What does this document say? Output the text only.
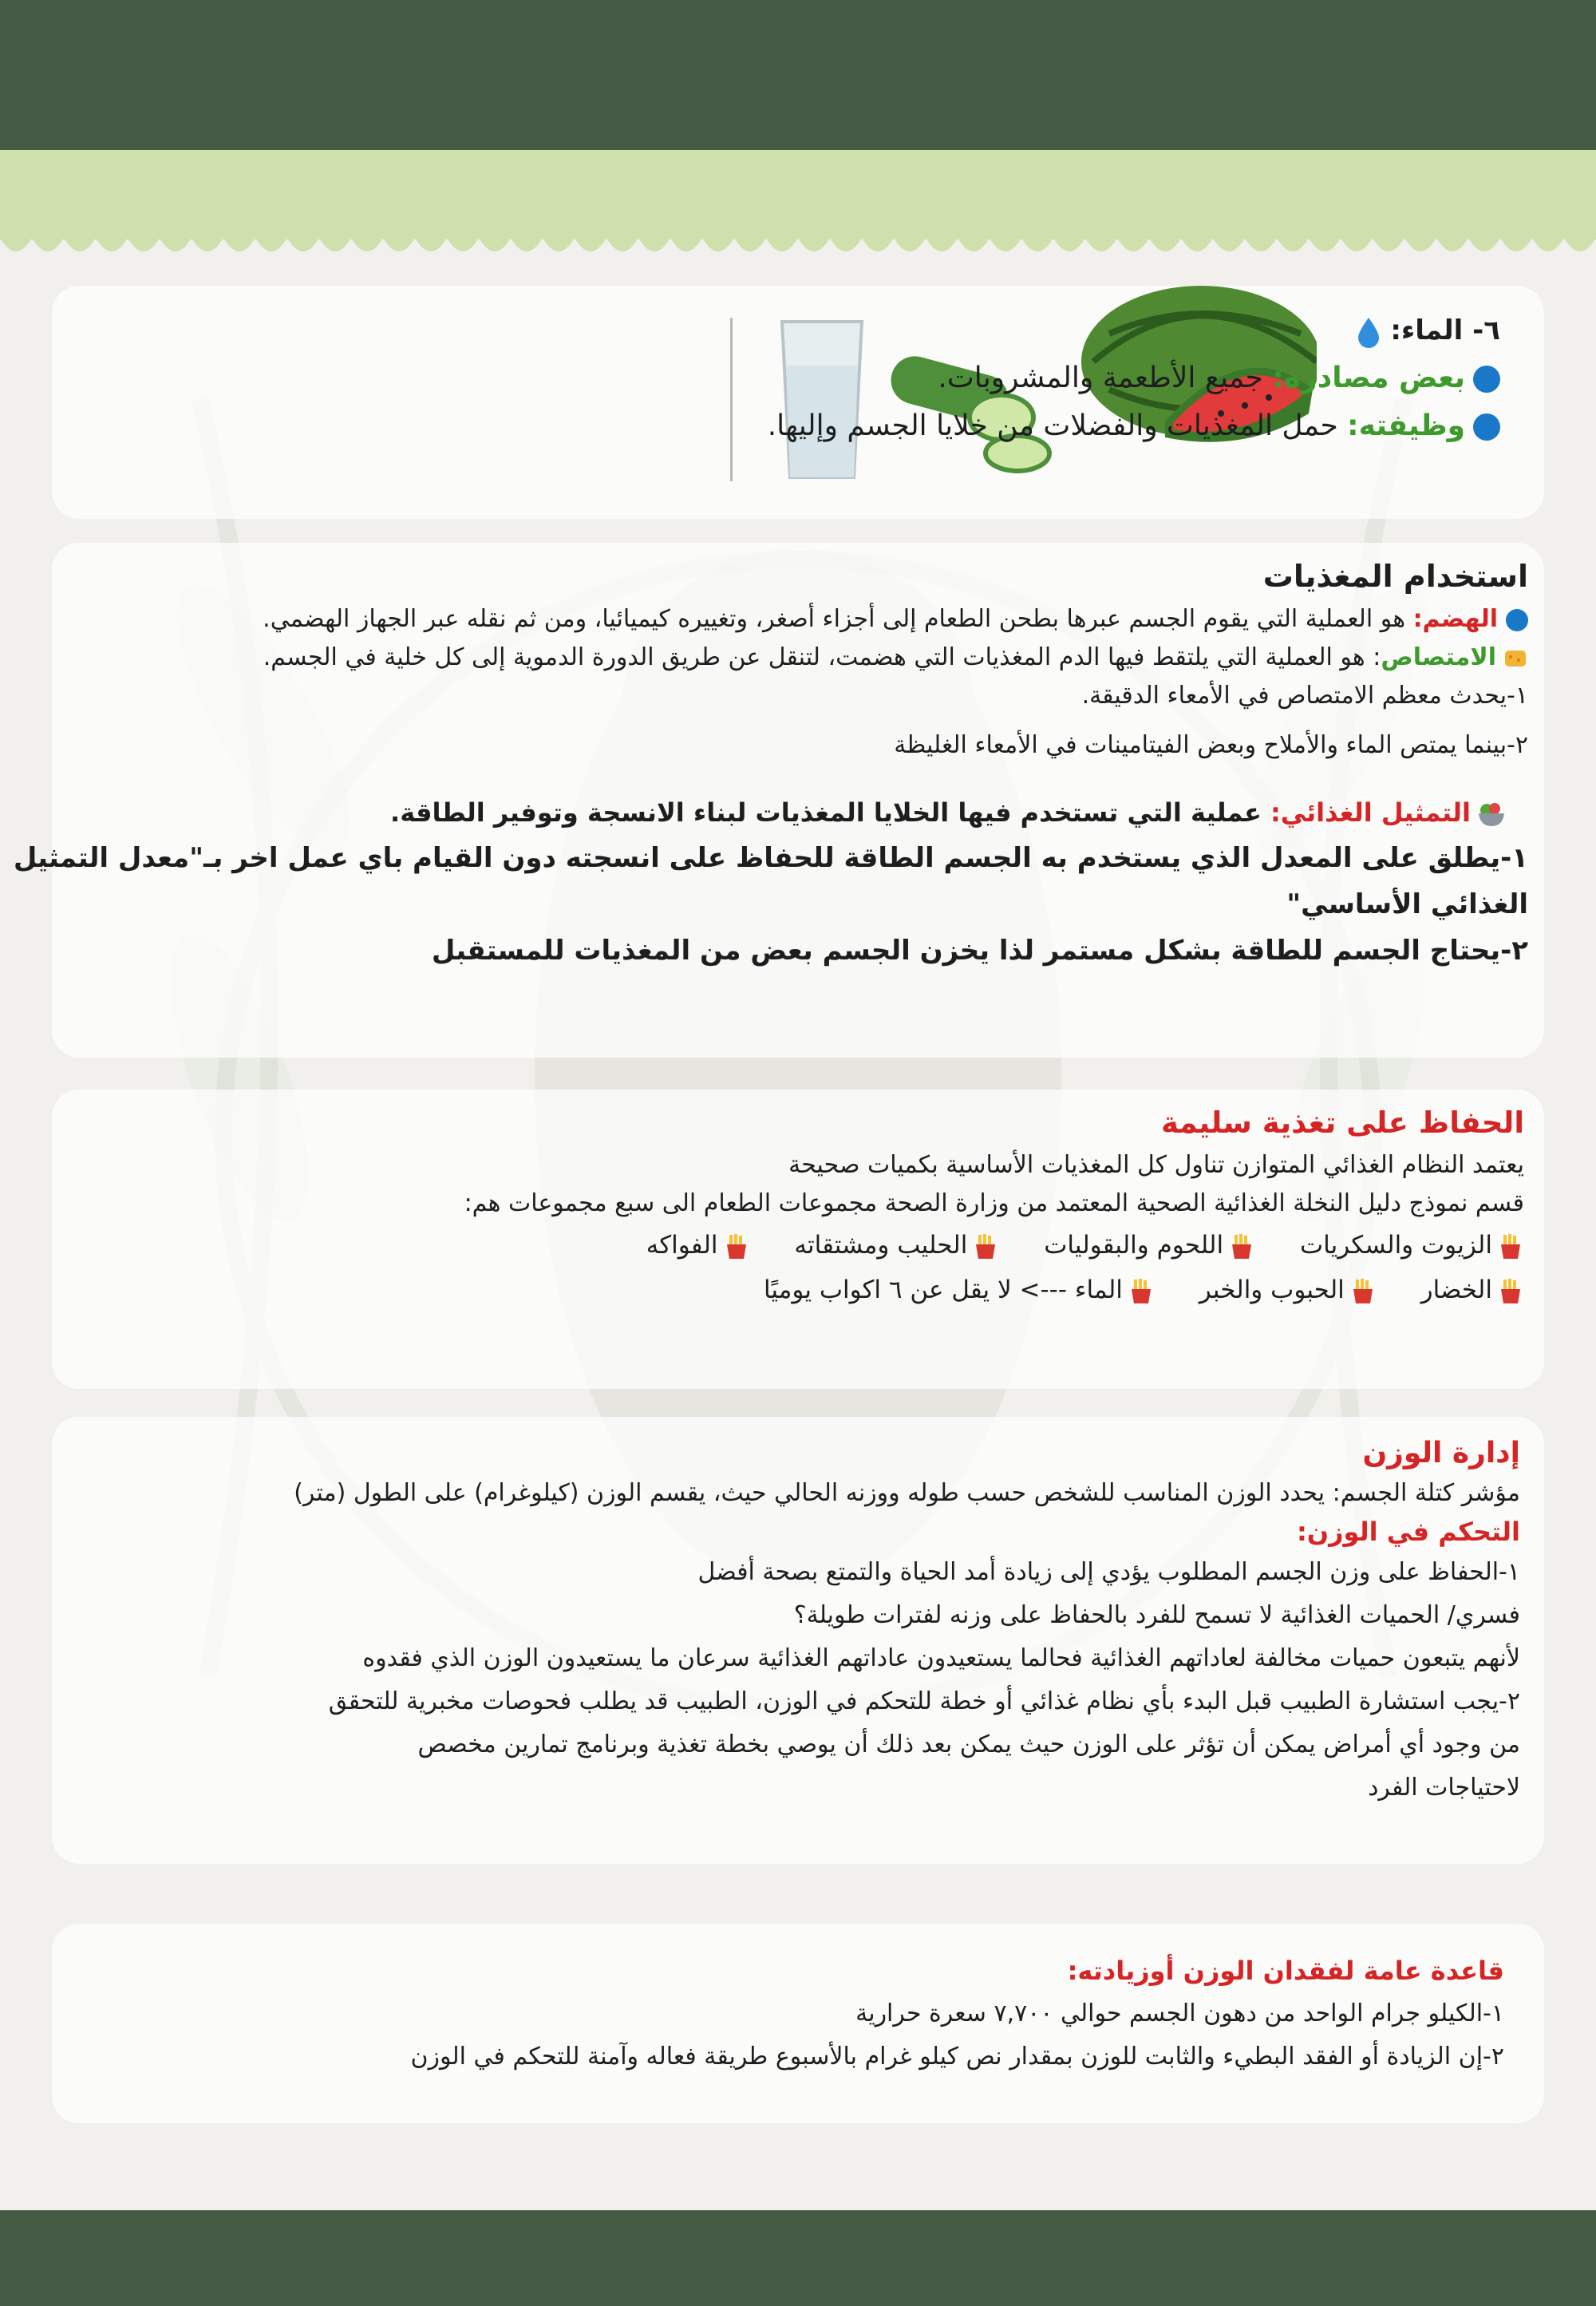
٦- الماء:
بعض مصادره: جميع الأطعمة والمشروبات.
وظيفته: حمل المغذيات والفضلات من خلايا الجسم وإليها.
استخدام المغذيات
الهضم: هو العملية التي يقوم الجسم عبرها بطحن الطعام إلى أجزاء أصغر، وتغييره كيميائيا، ومن ثم نقله عبر الجهاز الهضمي.
الامتصاص: هو العملية التي يلتقط فيها الدم المغذيات التي هضمت، لتنقل عن طريق الدورة الدموية إلى كل خلية في الجسم.
١-يحدث معظم الامتصاص في الأمعاء الدقيقة.
٢-بينما يمتص الماء والأملاح وبعض الفيتامينات في الأمعاء الغليظة
التمثيل الغذائي: عملية التي تستخدم فيها الخلايا المغذيات لبناء الانسجة وتوفير الطاقة.
١-يطلق على المعدل الذي يستخدم به الجسم الطاقة للحفاظ على انسجته دون القيام باي عمل اخر بـ"معدل التمثيل
الغذائي الأساسي"
٢-يحتاج الجسم للطاقة بشكل مستمر لذا يخزن الجسم بعض من المغذيات للمستقبل
الحفاظ على تغذية سليمة
يعتمد النظام الغذائي المتوازن تناول كل المغذيات الأساسية بكميات صحيحة
قسم نموذج دليل النخلة الغذائية الصحية المعتمد من وزارة الصحة مجموعات الطعام الى سبع مجموعات هم:
الزيوت والسكريات اللحوم والبقوليات الحليب ومشتقاته الفواكه
الخضار الحبوب والخبر الماء ---> لا يقل عن ٦ اكواب يوميًا
إدارة الوزن
مؤشر كتلة الجسم: يحدد الوزن المناسب للشخص حسب طوله ووزنه الحالي حيث، يقسم الوزن (كيلوغرام) على الطول (متر)
التحكم في الوزن:
١-الحفاظ على وزن الجسم المطلوب يؤدي إلى زيادة أمد الحياة والتمتع بصحة أفضل
فسري/ الحميات الغذائية لا تسمح للفرد بالحفاظ على وزنه لفترات طويلة؟
لأنهم يتبعون حميات مخالفة لعاداتهم الغذائية فحالما يستعيدون عاداتهم الغذائية سرعان ما يستعيدون الوزن الذي فقدوه
٢-يجب استشارة الطبيب قبل البدء بأي نظام غذائي أو خطة للتحكم في الوزن، الطبيب قد يطلب فحوصات مخبرية للتحقق
من وجود أي أمراض يمكن أن تؤثر على الوزن حيث يمكن بعد ذلك أن يوصي بخطة تغذية وبرنامج تمارين مخصص
لاحتياجات الفرد
قاعدة عامة لفقدان الوزن أوزيادته:
١-الكيلو جرام الواحد من دهون الجسم حوالي ٧,٧٠٠ سعرة حرارية
٢-إن الزيادة أو الفقد البطيء والثابت للوزن بمقدار نص كيلو غرام بالأسبوع طريقة فعاله وآمنة للتحكم في الوزن
